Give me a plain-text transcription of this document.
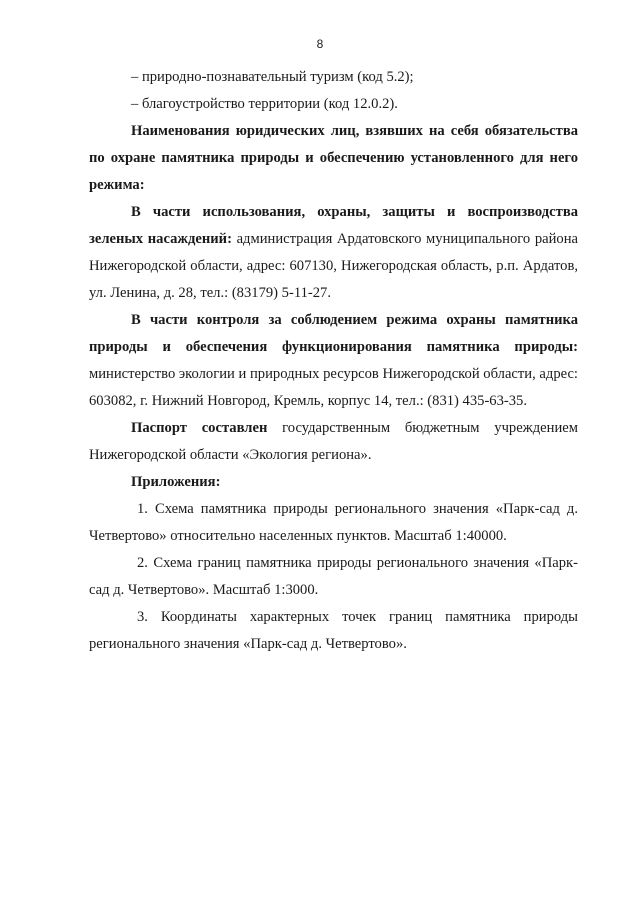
8

– природно-познавательный туризм (код 5.2);

– благоустройство территории (код 12.0.2).

Наименования юридических лиц, взявших на себя обязательства по охране памятника природы и обеспечению установленного для него режима:

В части использования, охраны, защиты и воспроизводства зеленых насаждений: администрация Ардатовского муниципального района Нижегородской области, адрес: 607130, Нижегородская область, р.п. Ардатов, ул. Ленина, д. 28, тел.: (83179) 5-11-27.

В части контроля за соблюдением режима охраны памятника природы и обеспечения функционирования памятника природы: министерство экологии и природных ресурсов Нижегородской области, адрес: 603082, г. Нижний Новгород, Кремль, корпус 14, тел.: (831) 435-63-35.

Паспорт составлен государственным бюджетным учреждением Нижегородской области «Экология региона».

Приложения:

1. Схема памятника природы регионального значения «Парк-сад д. Четвертово» относительно населенных пунктов. Масштаб 1:40000.

2. Схема границ памятника природы регионального значения «Парк-сад д. Четвертово». Масштаб 1:3000.

3. Координаты характерных точек границ памятника природы регионального значения «Парк-сад д. Четвертово».
